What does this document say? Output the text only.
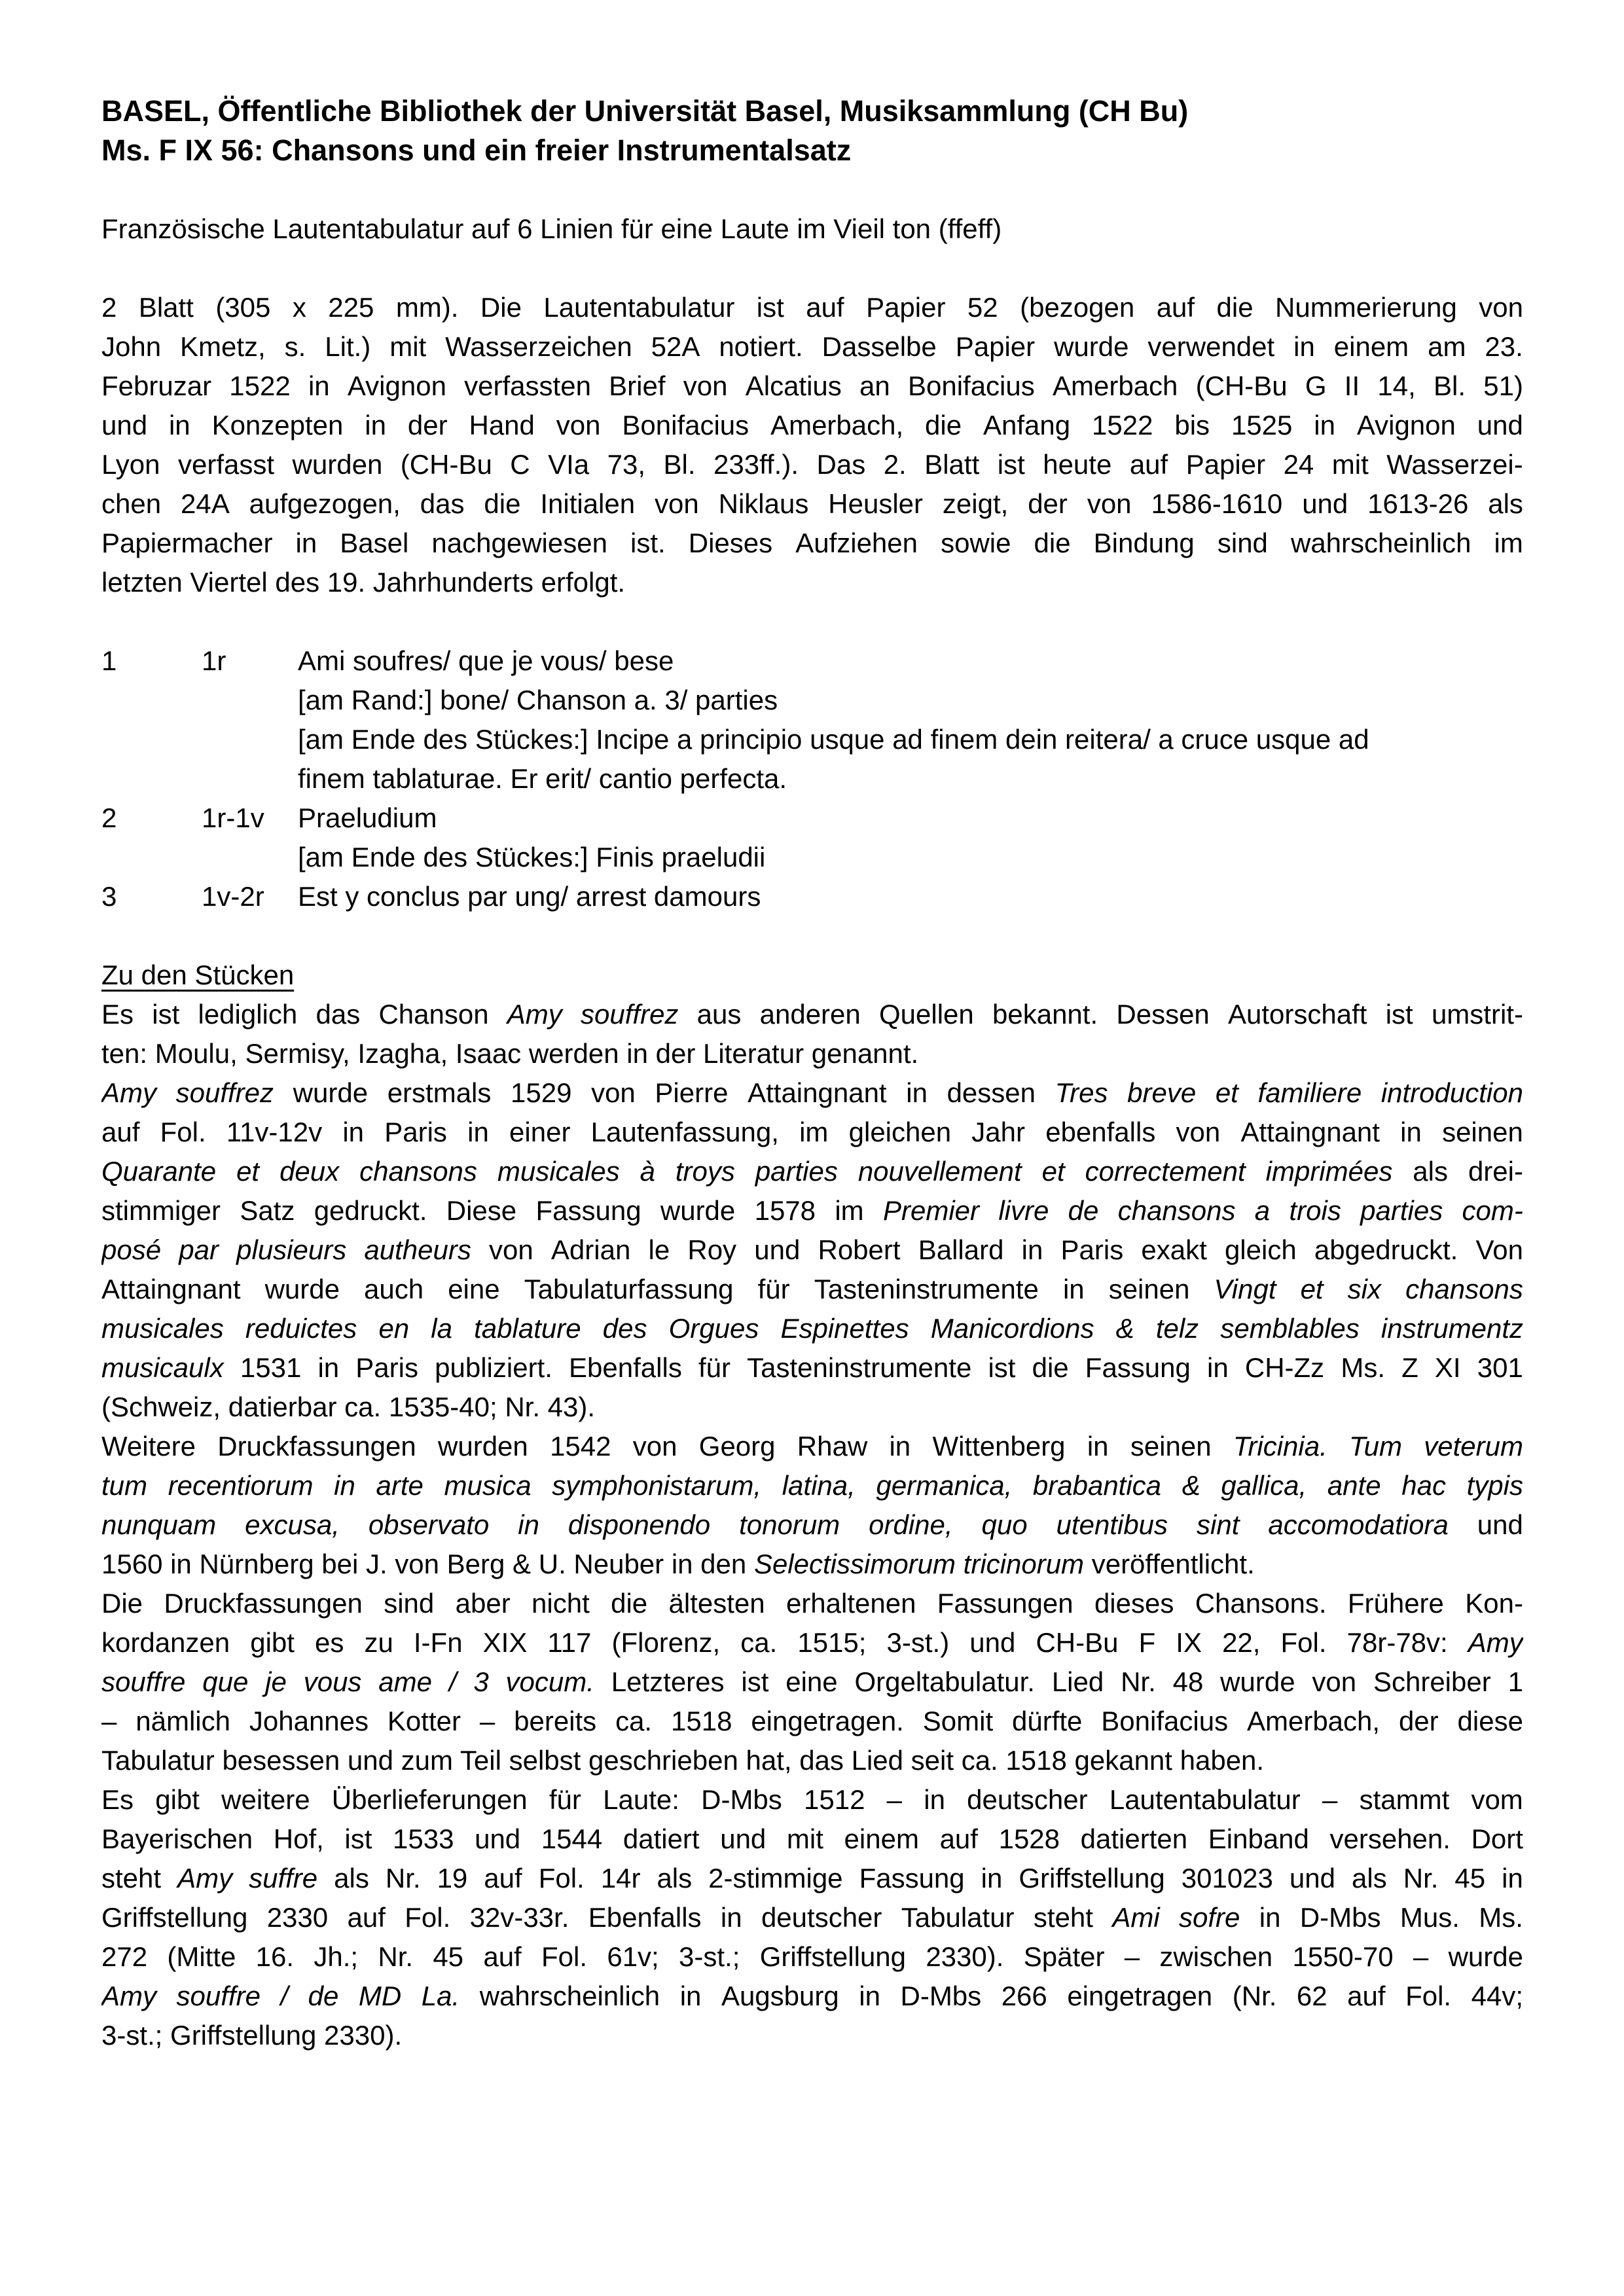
BASEL, Öffentliche Bibliothek der Universität Basel, Musiksammlung (CH Bu)
Ms. F IX 56: Chansons und ein freier Instrumentalsatz

Französische Lautentabulatur auf 6 Linien für eine Laute im Vieil ton (ffeff)

2 Blatt (305 x 225 mm). Die Lautentabulatur ist auf Papier 52 (bezogen auf die Nummerierung von
John Kmetz, s. Lit.) mit Wasserzeichen 52A notiert. Dasselbe Papier wurde verwendet in einem am 23.
Februzar 1522 in Avignon verfassten Brief von Alcatius an Bonifacius Amerbach (CH-Bu G II 14, Bl. 51)
und in Konzepten in der Hand von Bonifacius Amerbach, die Anfang 1522 bis 1525 in Avignon und
Lyon verfasst wurden (CH-Bu C VIa 73, Bl. 233ff.). Das 2. Blatt ist heute auf Papier 24 mit Wasserzei-
chen 24A aufgezogen, das die Initialen von Niklaus Heusler zeigt, der von 1586-1610 und 1613-26 als
Papiermacher in Basel nachgewiesen ist. Dieses Aufziehen sowie die Bindung sind wahrscheinlich im
letzten Viertel des 19. Jahrhunderts erfolgt.
1	1r	Ami soufres/ que je vous/ bese
[am Rand:] bone/ Chanson a. 3/ parties
[am Ende des Stückes:] Incipe a principio usque ad finem dein reitera/ a cruce usque ad
finem tablaturae. Er erit/ cantio perfecta.
2	1r-1v	Praeludium
[am Ende des Stückes:] Finis praeludii
3	1v-2r	Est y conclus par ung/ arrest damours
Zu den Stücken
Es ist lediglich das Chanson Amy souffrez aus anderen Quellen bekannt. Dessen Autorschaft ist umstrit-
ten: Moulu, Sermisy, Izagha, Isaac werden in der Literatur genannt.
Amy souffrez wurde erstmals 1529 von Pierre Attaingnant in dessen Tres breve et familiere introduction
auf Fol. 11v-12v in Paris in einer Lautenfassung, im gleichen Jahr ebenfalls von Attaingnant in seinen
Quarante et deux chansons musicales à troys parties nouvellement et correctement imprimées als drei-
stimmiger Satz gedruckt. Diese Fassung wurde 1578 im Premier livre de chansons a trois parties com-
posé par plusieurs autheurs von Adrian le Roy und Robert Ballard in Paris exakt gleich abgedruckt. Von
Attaingnant wurde auch eine Tabulaturfassung für Tasteninstrumente in seinen Vingt et six chansons
musicales reduictes en la tablature des Orgues Espinettes Manicordions & telz semblables instrumentz
musicaulx 1531 in Paris publiziert. Ebenfalls für Tasteninstrumente ist die Fassung in CH-Zz Ms. Z XI 301
(Schweiz, datierbar ca. 1535-40; Nr. 43).
Weitere Druckfassungen wurden 1542 von Georg Rhaw in Wittenberg in seinen Tricinia. Tum veterum
tum recentiorum in arte musica symphonistarum, latina, germanica, brabantica & gallica, ante hac typis
nunquam excusa, observato in disponendo tonorum ordine, quo utentibus sint accomodatiora und
1560 in Nürnberg bei J. von Berg & U. Neuber in den Selectissimorum tricinorum veröffentlicht.
Die Druckfassungen sind aber nicht die ältesten erhaltenen Fassungen dieses Chansons. Frühere Kon-
kordanzen gibt es zu I-Fn XIX 117 (Florenz, ca. 1515; 3-st.) und CH-Bu F IX 22, Fol. 78r-78v: Amy
souffre que je vous ame / 3 vocum. Letzteres ist eine Orgeltabulatur. Lied Nr. 48 wurde von Schreiber 1
– nämlich Johannes Kotter – bereits ca. 1518 eingetragen. Somit dürfte Bonifacius Amerbach, der diese
Tabulatur besessen und zum Teil selbst geschrieben hat, das Lied seit ca. 1518 gekannt haben.
Es gibt weitere Überlieferungen für Laute: D-Mbs 1512 – in deutscher Lautentabulatur – stammt vom
Bayerischen Hof, ist 1533 und 1544 datiert und mit einem auf 1528 datierten Einband versehen. Dort
steht Amy suffre als Nr. 19 auf Fol. 14r als 2-stimmige Fassung in Griffstellung 301023 und als Nr. 45 in
Griffstellung 2330 auf Fol. 32v-33r. Ebenfalls in deutscher Tabulatur steht Ami sofre in D-Mbs Mus. Ms.
272 (Mitte 16. Jh.; Nr. 45 auf Fol. 61v; 3-st.; Griffstellung 2330). Später – zwischen 1550-70 – wurde
Amy souffre / de MD La. wahrscheinlich in Augsburg in D-Mbs 266 eingetragen (Nr. 62 auf Fol. 44v;
3-st.; Griffstellung 2330).
